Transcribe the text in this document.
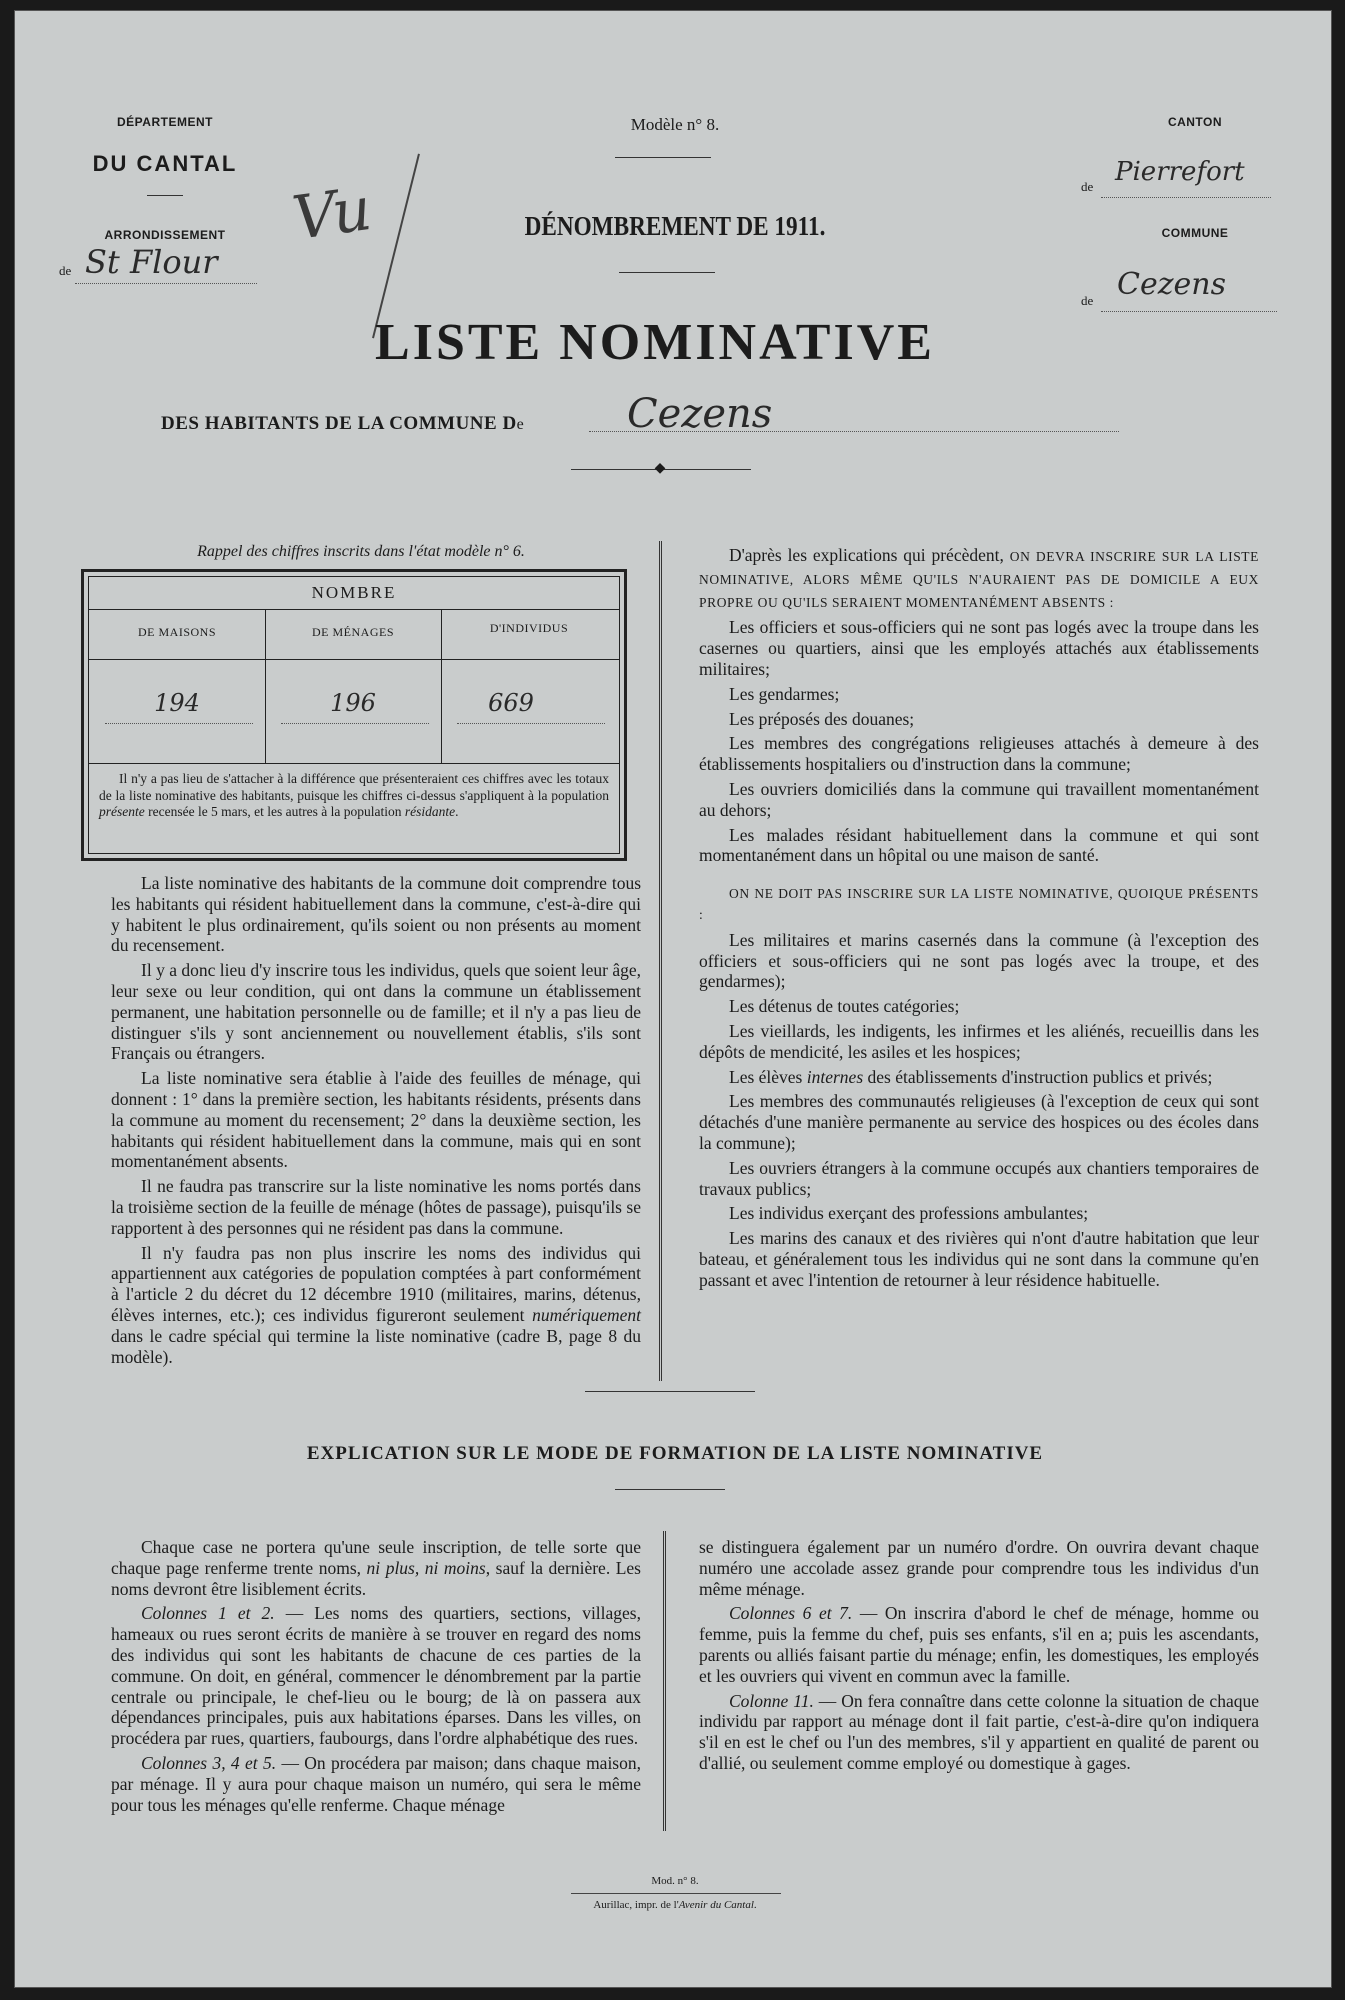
DÉPARTEMENT
DU CANTAL
ARRONDISSEMENT
de St Flour
Modèle n° 8.
DÉNOMBREMENT DE 1911.
Vu
CANTON
de Pierrefort
COMMUNE
de Cezens
LISTE NOMINATIVE
DES HABITANTS DE LA COMMUNE De	Cezens
◆
Rappel des chiffres inscrits dans l'état modèle n° 6.
NOMBRE
DE MAISONS	DE MÉNAGES	D'INDIVIDUS
194	196	669
Il n'y a pas lieu de s'attacher à la différence que présenteraient ces chiffres avec les totaux de la liste nominative des habitants, puisque les chiffres ci-dessus s'appliquent à la population présente recensée le 5 mars, et les autres à la population résidante.

La liste nominative des habitants de la commune doit comprendre tous les habitants qui résident habituellement dans la commune, c'est-à-dire qui y habitent le plus ordinairement, qu'ils soient ou non présents au moment du recensement.

Il y a donc lieu d'y inscrire tous les individus, quels que soient leur âge, leur sexe ou leur condition, qui ont dans la commune un établissement permanent, une habitation personnelle ou de famille; et il n'y a pas lieu de distinguer s'ils y sont anciennement ou nouvellement établis, s'ils sont Français ou étrangers.

La liste nominative sera établie à l'aide des feuilles de ménage, qui donnent : 1° dans la première section, les habitants résidents, présents dans la commune au moment du recensement; 2° dans la deuxième section, les habitants qui résident habituellement dans la commune, mais qui en sont momentanément absents.

Il ne faudra pas transcrire sur la liste nominative les noms portés dans la troisième section de la feuille de ménage (hôtes de passage), puisqu'ils se rapportent à des personnes qui ne résident pas dans la commune.

Il n'y faudra pas non plus inscrire les noms des individus qui appartiennent aux catégories de population comptées à part conformément à l'article 2 du décret du 12 décembre 1910 (militaires, marins, détenus, élèves internes, etc.); ces individus figureront seulement numériquement dans le cadre spécial qui termine la liste nominative (cadre B, page 8 du modèle).

D'après les explications qui précèdent, ON DEVRA INSCRIRE SUR LA LISTE NOMINATIVE, ALORS MÊME QU'ILS N'AURAIENT PAS DE DOMICILE A EUX PROPRE OU QU'ILS SERAIENT MOMENTANÉMENT ABSENTS :

Les officiers et sous-officiers qui ne sont pas logés avec la troupe dans les casernes ou quartiers, ainsi que les employés attachés aux établissements militaires;

Les gendarmes;

Les préposés des douanes;

Les membres des congrégations religieuses attachés à demeure à des établissements hospitaliers ou d'instruction dans la commune;

Les ouvriers domiciliés dans la commune qui travaillent momentanément au dehors;

Les malades résidant habituellement dans la commune et qui sont momentanément dans un hôpital ou une maison de santé.

ON NE DOIT PAS INSCRIRE SUR LA LISTE NOMINATIVE, QUOIQUE PRÉSENTS :

Les militaires et marins casernés dans la commune (à l'exception des officiers et sous-officiers qui ne sont pas logés avec la troupe, et des gendarmes);

Les détenus de toutes catégories;

Les vieillards, les indigents, les infirmes et les aliénés, recueillis dans les dépôts de mendicité, les asiles et les hospices;

Les élèves internes des établissements d'instruction publics et privés;

Les membres des communautés religieuses (à l'exception de ceux qui sont détachés d'une manière permanente au service des hospices ou des écoles dans la commune);

Les ouvriers étrangers à la commune occupés aux chantiers temporaires de travaux publics;

Les individus exerçant des professions ambulantes;

Les marins des canaux et des rivières qui n'ont d'autre habitation que leur bateau, et généralement tous les individus qui ne sont dans la commune qu'en passant et avec l'intention de retourner à leur résidence habituelle.

EXPLICATION SUR LE MODE DE FORMATION DE LA LISTE NOMINATIVE

Chaque case ne portera qu'une seule inscription, de telle sorte que chaque page renferme trente noms, ni plus, ni moins, sauf la dernière. Les noms devront être lisiblement écrits.

Colonnes 1 et 2. — Les noms des quartiers, sections, villages, hameaux ou rues seront écrits de manière à se trouver en regard des noms des individus qui sont les habitants de chacune de ces parties de la commune. On doit, en général, commencer le dénombrement par la partie centrale ou principale, le chef-lieu ou le bourg; de là on passera aux dépendances principales, puis aux habitations éparses. Dans les villes, on procédera par rues, quartiers, faubourgs, dans l'ordre alphabétique des rues.

Colonnes 3, 4 et 5. — On procédera par maison; dans chaque maison, par ménage. Il y aura pour chaque maison un numéro, qui sera le même pour tous les ménages qu'elle renferme. Chaque ménage

se distinguera également par un numéro d'ordre. On ouvrira devant chaque numéro une accolade assez grande pour comprendre tous les individus d'un même ménage.

Colonnes 6 et 7. — On inscrira d'abord le chef de ménage, homme ou femme, puis la femme du chef, puis ses enfants, s'il en a; puis les ascendants, parents ou alliés faisant partie du ménage; enfin, les domestiques, les employés et les ouvriers qui vivent en commun avec la famille.

Colonne 11. — On fera connaître dans cette colonne la situation de chaque individu par rapport au ménage dont il fait partie, c'est-à-dire qu'on indiquera s'il en est le chef ou l'un des membres, s'il y appartient en qualité de parent ou d'allié, ou seulement comme employé ou domestique à gages.

Mod. n° 8.
Aurillac, impr. de l'Avenir du Cantal.
